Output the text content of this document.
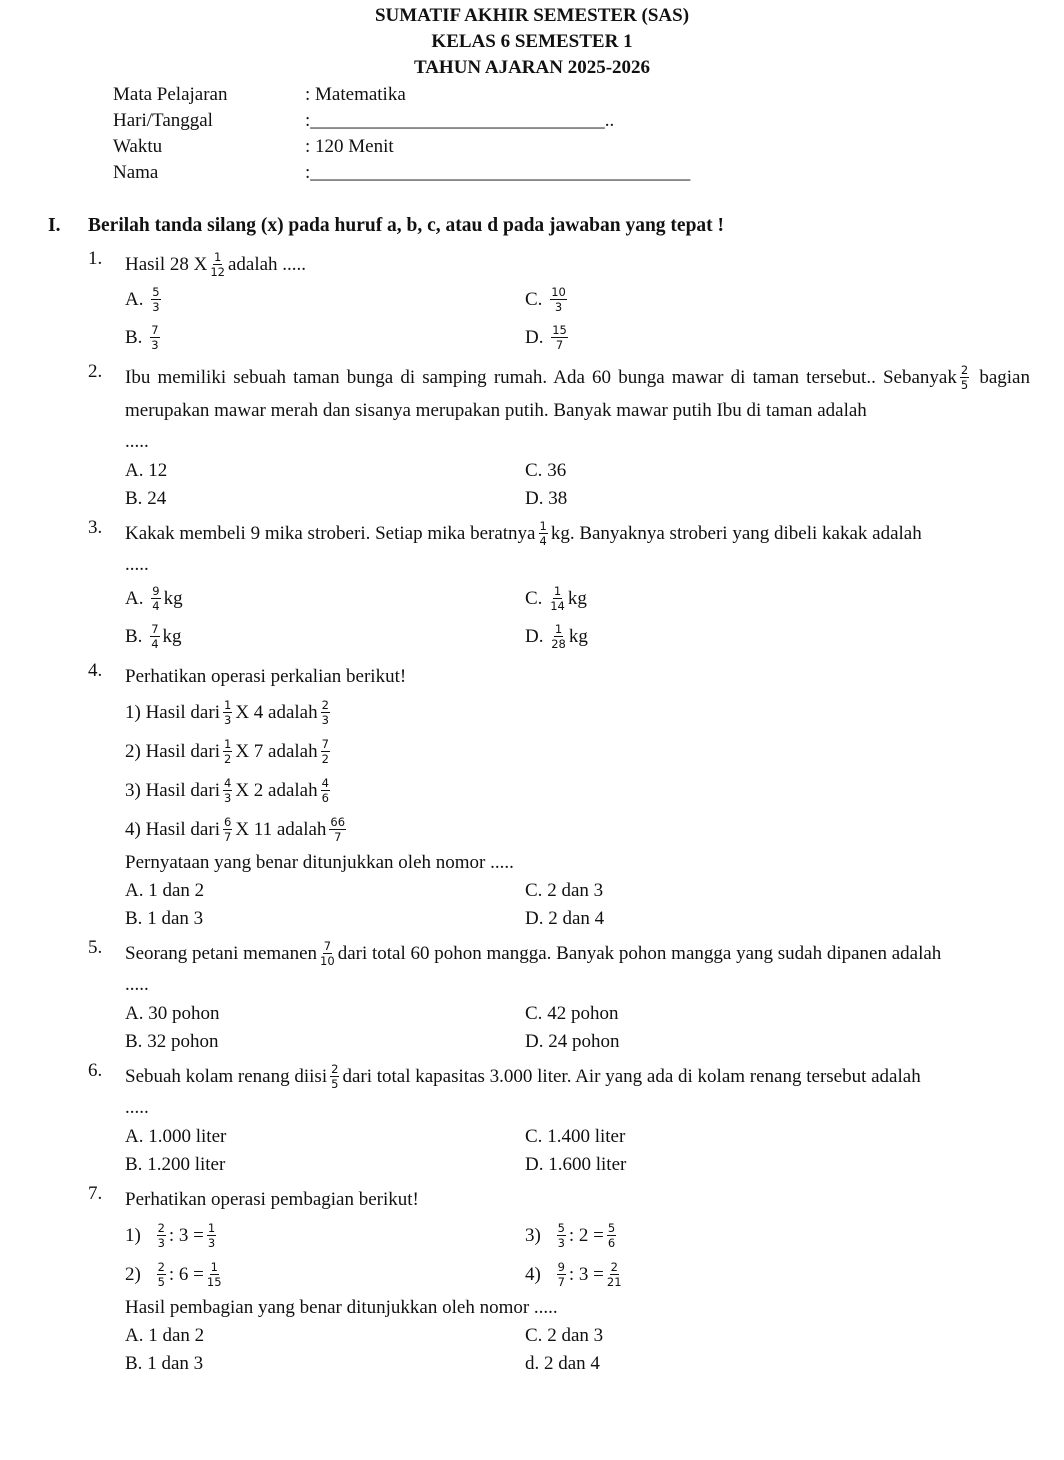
SUMATIF AKHIR SEMESTER (SAS)
KELAS 6 SEMESTER 1
TAHUN AJARAN 2025-2026
Mata Pelajaran	: Matematika
Hari/Tanggal	:_______________________________..
Waktu	: 120 Menit
Nama	:________________________________________
I. Berilah tanda silang (x) pada huruf a, b, c, atau d pada jawaban yang tepat !
1. Hasil 28 X $\frac{1}{12}$ adalah .....
A. $\frac{5}{3}$
B. $\frac{7}{3}$
C. $\frac{10}{3}$
D. $\frac{15}{7}$
2. Ibu memiliki sebuah taman bunga di samping rumah. Ada 60 bunga mawar di taman tersebut.. Sebanyak $\frac{2}{5}$ bagian merupakan mawar merah dan sisanya merupakan putih. Banyak mawar putih Ibu di taman adalah
.....
A. 12
B. 24
C. 36
D. 38
3. Kakak membeli 9 mika stroberi. Setiap mika beratnya $\frac{1}{4}$ kg. Banyaknya stroberi yang dibeli kakak adalah
.....
A. $\frac{9}{4}$ kg
B. $\frac{7}{4}$ kg
C. $\frac{1}{14}$ kg
D. $\frac{1}{28}$ kg
4. Perhatikan operasi perkalian berikut!
1) Hasil dari $\frac{1}{3}$ X 4 adalah $\frac{2}{3}$
2) Hasil dari $\frac{1}{2}$ X 7 adalah $\frac{7}{2}$
3) Hasil dari $\frac{4}{3}$ X 2 adalah $\frac{4}{6}$
4) Hasil dari $\frac{6}{7}$ X 11 adalah $\frac{66}{7}$
Pernyataan yang benar ditunjukkan oleh nomor .....
A. 1 dan 2
B. 1 dan 3
C. 2 dan 3
D. 2 dan 4
5. Seorang petani memanen $\frac{7}{10}$ dari total 60 pohon mangga. Banyak pohon mangga yang sudah dipanen adalah
.....
A. 30 pohon
B. 32 pohon
C. 42 pohon
D. 24 pohon
6. Sebuah kolam renang diisi $\frac{2}{5}$ dari total kapasitas 3.000 liter. Air yang ada di kolam renang tersebut adalah
.....
A. 1.000 liter
B. 1.200 liter
C. 1.400 liter
D. 1.600 liter
7. Perhatikan operasi pembagian berikut!
$1) \frac{2}{3}$ : $3 = \frac{1}{3}$
$2) \frac{2}{5}$ : $6 = \frac{1}{15}$
$3) \frac{5}{3}$ : $2 = \frac{5}{6}$
$4) \frac{9}{7}$ : $3 = \frac{2}{21}$
Hasil pembagian yang benar ditunjukkan oleh nomor .....
A. 1 dan 2
B. 1 dan 3
C. 2 dan 3
d. 2 dan 4
